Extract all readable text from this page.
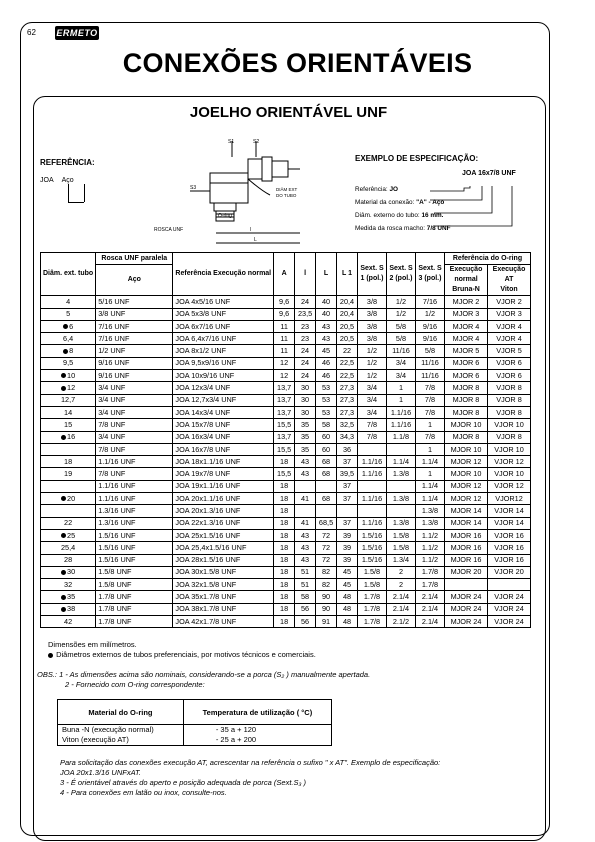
62 ERMETO
CONEXÕES ORIENTÁVEIS
JOELHO ORIENTÁVEL UNF
REFERÊNCIA:
JOA Aço
S1	S2
S3
O-ring
DIÂM EXT
DO TUBO
ROSCA UNF	l
L
EXEMPLO DE ESPECIFICAÇÃO:
JOA 16x7/8 UNF
Referência: JO
Material da conexão: "A" - Aço
Diâm. externo do tubo: 16 mm.
Medida da rosca macho: 7/8 UNF
Diâm. ext. tubo	Rosca UNF paralela	Referência Execução normal	A	l	L	L 1	Sext. S 1 (pol.)	Sext. S 2 (pol.)	Sext. S 3 (pol.)	Referência do O-ring	
	Aço									Execução normal
Bruna-N	Execução AT
Viton
4	5/16 UNF	JOA 4x5/16 UNF	9,6	24	40	20,4	3/8	1/2	7/16	MJOR 2	VJOR 2
5	3/8 UNF	JOA 5x3/8 UNF	9,6	23,5	40	20,4	3/8	1/2	1/2	MJOR 3	VJOR 3
6	7/16 UNF	JOA 6x7/16 UNF	11	23	43	20,5	3/8	5/8	9/16	MJOR 4	VJOR 4
6,4	7/16 UNF	JOA 6,4x7/16 UNF	11	23	43	20,5	3/8	5/8	9/16	MJOR 4	VJOR 4
8	1/2 UNF	JOA 8x1/2 UNF	11	24	45	22	1/2	11/16	5/8	MJOR 5	VJOR 5
9,5	9/16 UNF	JOA 9,5x9/16 UNF	12	24	46	22,5	1/2	3/4	11/16	MJOR 6	VJOR 6
10	9/16 UNF	JOA 10x9/16 UNF	12	24	46	22,5	1/2	3/4	11/16	MJOR 6	VJOR 6
12	3/4 UNF	JOA 12x3/4 UNF	13,7	30	53	27,3	3/4	1	7/8	MJOR 8	VJOR 8
12,7	3/4 UNF	JOA 12,7x3/4 UNF	13,7	30	53	27,3	3/4	1	7/8	MJOR 8	VJOR 8
14	3/4 UNF	JOA 14x3/4 UNF	13,7	30	53	27,3	3/4	1.1/16	7/8	MJOR 8	VJOR 8
15	7/8 UNF	JOA 15x7/8 UNF	15,5	35	58	32,5	7/8	1.1/16	1	MJOR 10	VJOR 10
16	3/4 UNF	JOA 16x3/4 UNF	13,7	35	60	34,3	7/8	1.1/8	7/8	MJOR 8	VJOR 8
	7/8 UNF	JOA 16x7/8 UNF	15,5	35	60	36			1	MJOR 10	VJOR 10
18	1.1/16 UNF	JOA 18x1.1/16 UNF	18	43	68	37	1.1/16	1.1/4	1.1/4	MJOR 12	VJOR 12
19	7/8 UNF	JOA 19x7/8 UNF	15,5	43	68	39,5	1.1/16	1.3/8	1	MJOR 10	VJOR 10
	1.1/16 UNF	JOA 19x1.1/16 UNF	18			37			1.1/4	MJOR 12	VJOR 12
20	1.1/16 UNF	JOA 20x1.1/16 UNF	18	41	68	37	1.1/16	1.3/8	1.1/4	MJOR 12	VJOR12
	1.3/16 UNF	JOA 20x1.3/16 UNF	18						1.3/8	MJOR 14	VJOR 14
22	1.3/16 UNF	JOA 22x1.3/16 UNF	18	41	68,5	37	1.1/16	1.3/8	1.3/8	MJOR 14	VJOR 14
25	1.5/16 UNF	JOA 25x1.5/16 UNF	18	43	72	39	1.5/16	1.5/8	1.1/2	MJOR 16	VJOR 16
25,4	1.5/16 UNF	JOA 25,4x1.5/16 UNF	18	43	72	39	1.5/16	1.5/8	1.1/2	MJOR 16	VJOR 16
28	1.5/16 UNF	JOA 28x1.5/16 UNF	18	43	72	39	1.5/16	1.3/4	1.1/2	MJOR 16	VJOR 16
30	1.5/8 UNF	JOA 30x1.5/8 UNF	18	51	82	45	1.5/8	2	1.7/8	MJOR 20	VJOR 20
32	1.5/8 UNF	JOA 32x1.5/8 UNF	18	51	82	45	1.5/8	2	1.7/8		
35	1.7/8 UNF	JOA 35x1.7/8 UNF	18	58	90	48	1.7/8	2.1/4	2.1/4	MJOR 24	VJOR 24
38	1.7/8 UNF	JOA 38x1.7/8 UNF	18	56	90	48	1.7/8	2.1/4	2.1/4	MJOR 24	VJOR 24
42	1.7/8 UNF	JOA 42x1.7/8 UNF	18	56	91	48	1.7/8	2.1/2	2.1/4	MJOR 24	VJOR 24
Dimensões em milímetros.
Diâmetros externos de tubos preferenciais, por motivos técnicos e comerciais.
OBS.: 1 - As dimensões acima são nominais, considerando-se a porca (S₂ ) manualmente apertada.
2 - Fornecido com O-ring correspondente:
Material do O-ring	Temperatura de utilização ( °C)
Buna -N (execução normal)	- 35 a + 120
Viton (execução AT)	- 25 a + 200
Para solicitação das conexões execução AT, acrescentar na referência o sufixo " x AT". Exemplo de especificação:
JOA 20x1.3/16 UNFxAT.
3 - É orientável através do aperto e posição adequada de porca (Sext.S₃ )
4 - Para conexões em latão ou inox, consulte-nos.
